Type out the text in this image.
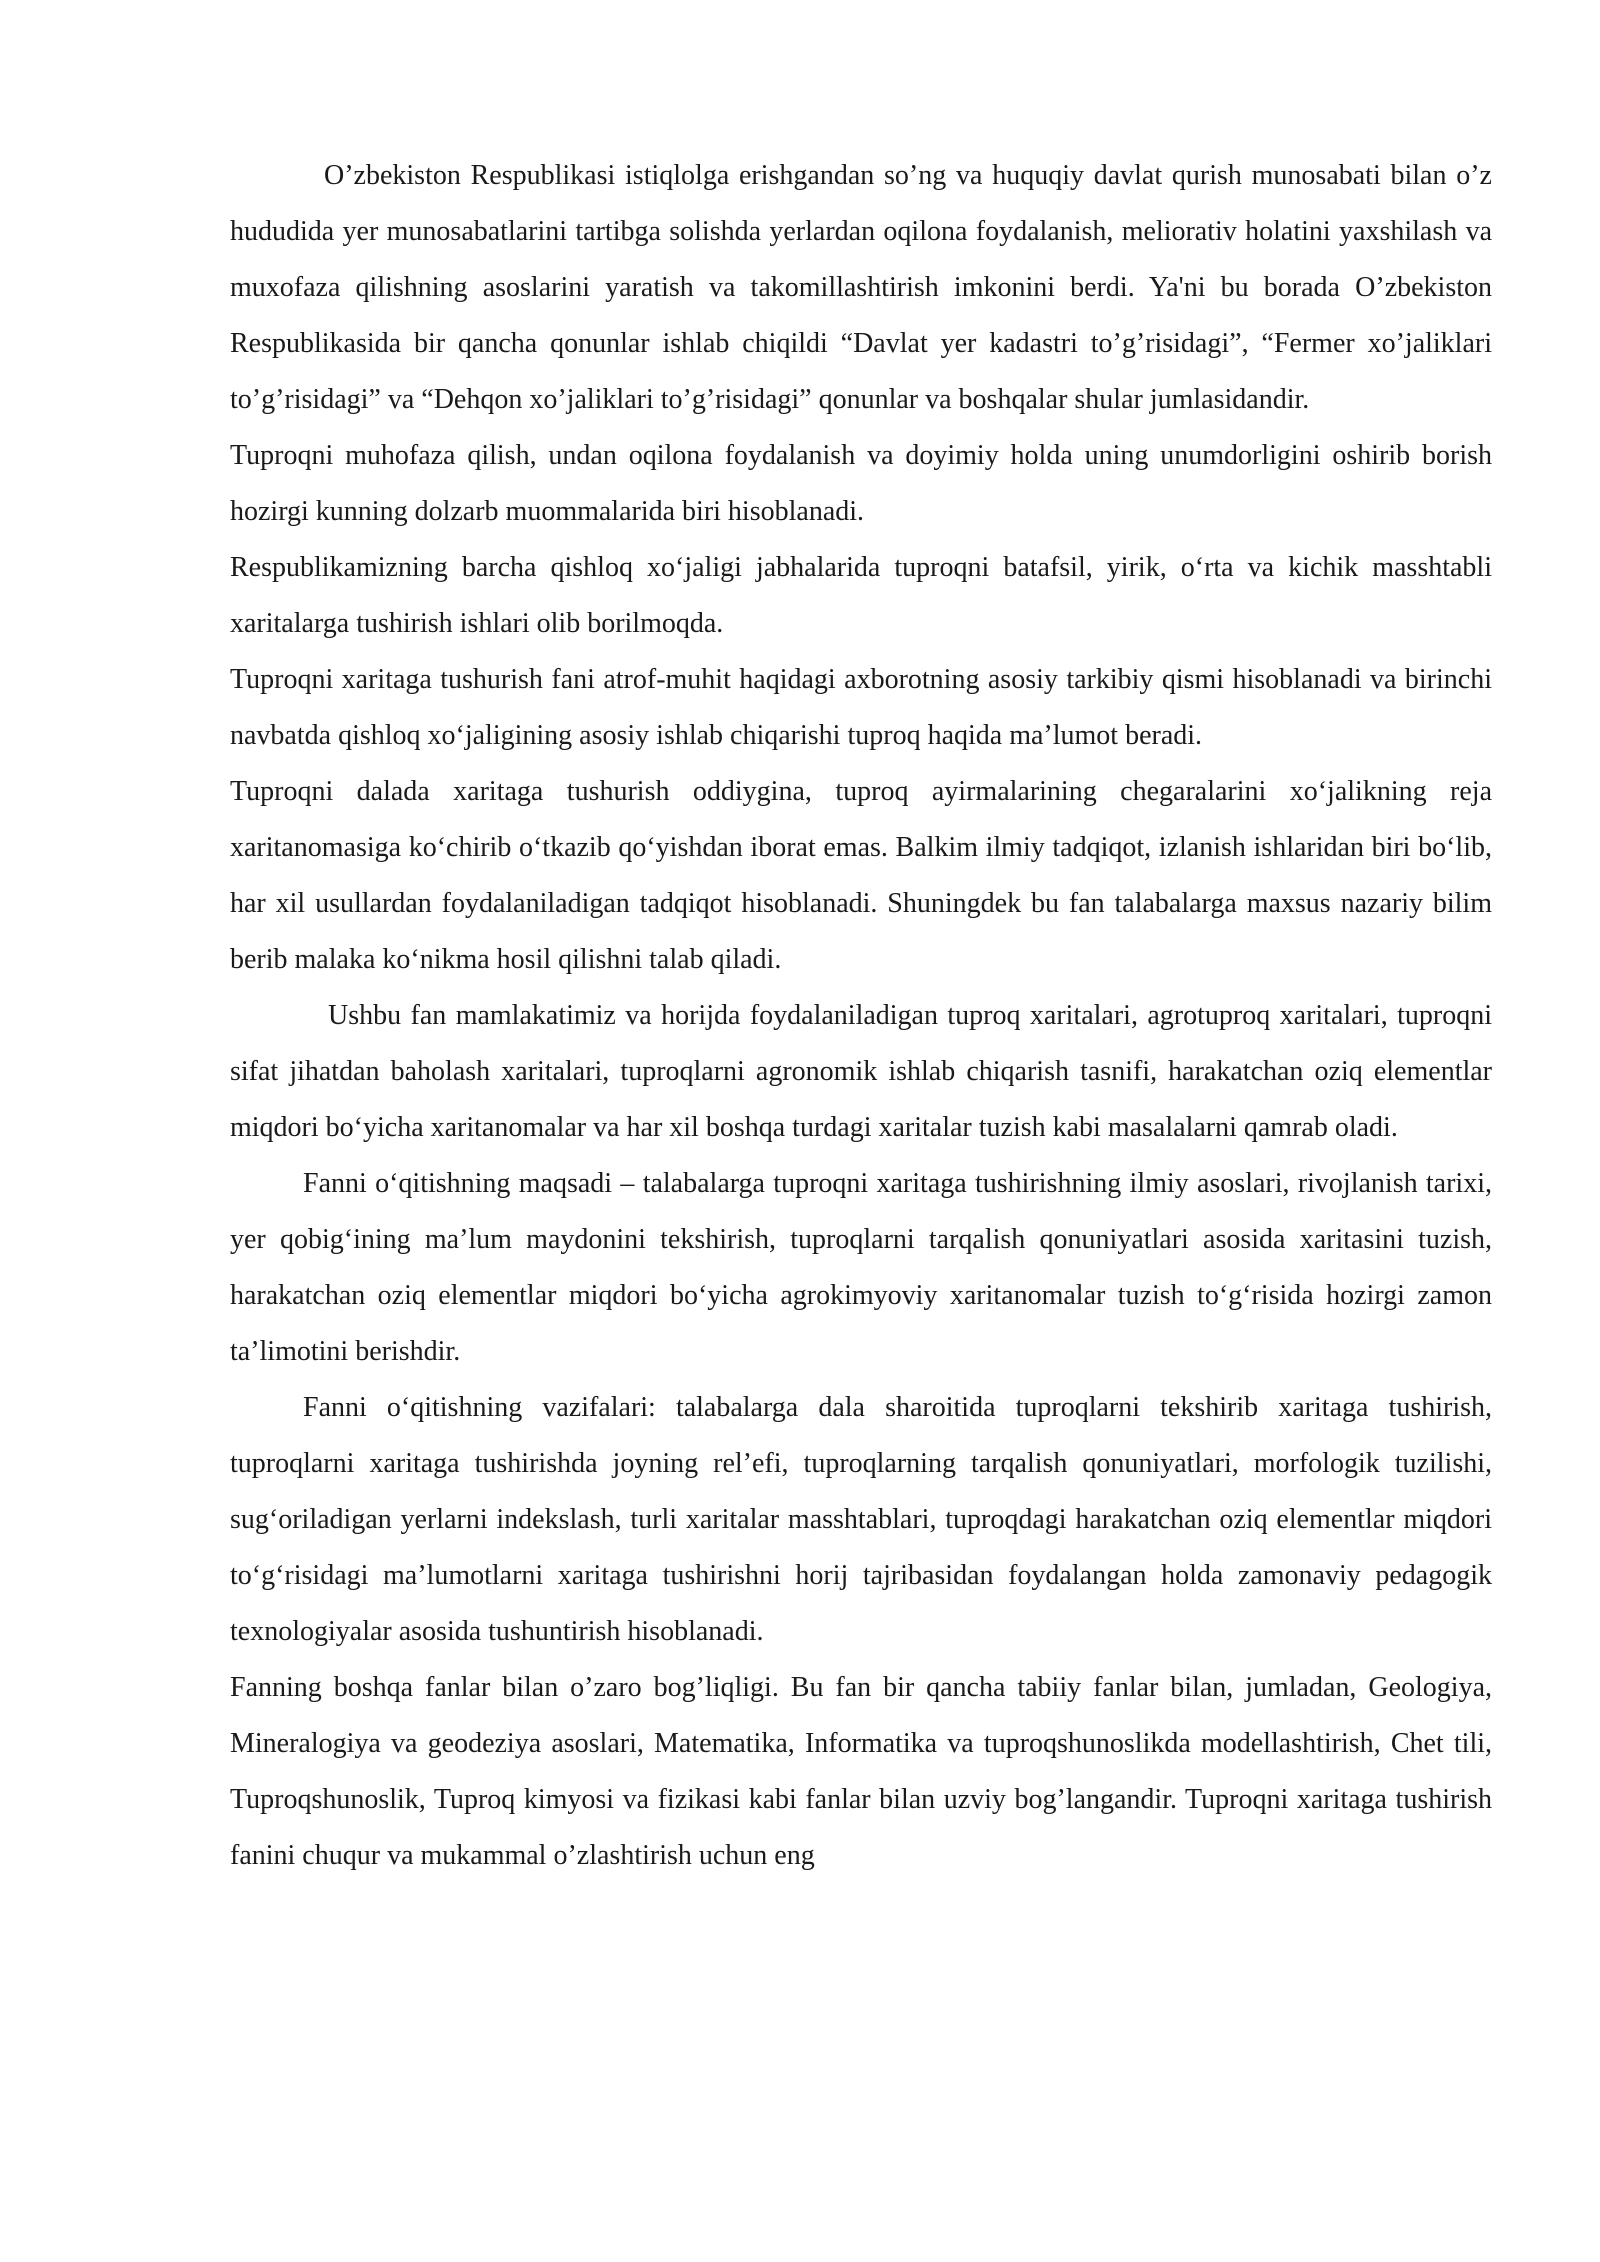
O’zbekiston Respublikasi istiqlolga erishgandan so’ng va huquqiy davlat qurish munosabati bilan o’z hududida yer munosabatlarini tartibga solishda yerlardan oqilona foydalanish, meliorativ holatini yaxshilash va muxofaza qilishning asoslarini yaratish va takomillashtirish imkonini berdi. Ya'ni bu borada O’zbekiston Respublikasida bir qancha qonunlar ishlab chiqildi “Davlat yer kadastri to’g’risidagi”, “Fermer xo’jaliklari to’g’risidagi” va “Dehqon xo’jaliklari to’g’risidagi” qonunlar va boshqalar shular jumlasidandir.

Tuproqni muhofaza qilish, undan oqilona foydalanish va doyimiy holda uning unumdorligini oshirib borish hozirgi kunning dolzarb muommalarida biri hisoblanadi.

Respublikamizning barcha qishloq xo‘jaligi jabhalarida tuproqni batafsil, yirik, o‘rta va kichik masshtabli xaritalarga tushirish ishlari olib borilmoqda.

Tuproqni xaritaga tushurish fani atrof-muhit haqidagi axborotning asosiy tarkibiy qismi hisoblanadi va birinchi navbatda qishloq xo‘jaligining asosiy ishlab chiqarishi tuproq haqida ma’lumot beradi.

Tuproqni dalada xaritaga tushurish oddiygina, tuproq ayirmalarining chegaralarini xo‘jalikning reja xaritanomasiga ko‘chirib o‘tkazib qo‘yishdan iborat emas. Balkim ilmiy tadqiqot, izlanish ishlaridan biri bo‘lib, har xil usullardan foydalaniladigan tadqiqot hisoblanadi. Shuningdek bu fan talabalarga maxsus nazariy bilim berib malaka ko‘nikma hosil qilishni talab qiladi.

Ushbu fan mamlakatimiz va horijda foydalaniladigan tuproq xaritalari, agrotuproq xaritalari, tuproqni sifat jihatdan baholash xaritalari, tuproqlarni agronomik ishlab chiqarish tasnifi, harakatchan oziq elementlar miqdori bo‘yicha xaritanomalar va har xil boshqa turdagi xaritalar tuzish kabi masalalarni qamrab oladi.

Fanni o‘qitishning maqsadi – talabalarga tuproqni xaritaga tushirishning ilmiy asoslari, rivojlanish tarixi, yer qobig‘ining ma’lum maydonini tekshirish, tuproqlarni tarqalish qonuniyatlari asosida xaritasini tuzish, harakatchan oziq elementlar miqdori bo‘yicha agrokimyoviy xaritanomalar tuzish to‘g‘risida hozirgi zamon ta’limotini berishdir.

Fanni o‘qitishning vazifalari: talabalarga dala sharoitida tuproqlarni tekshirib xaritaga tushirish, tuproqlarni xaritaga tushirishda joyning rel’efi, tuproqlarning tarqalish qonuniyatlari, morfologik tuzilishi, sug‘oriladigan yerlarni indekslash, turli xaritalar masshtablari, tuproqdagi harakatchan oziq elementlar miqdori to‘g‘risidagi ma’lumotlarni xaritaga tushirishni horij tajribasidan foydalangan holda zamonaviy pedagogik texnologiyalar asosida tushuntirish hisoblanadi.

Fanning boshqa fanlar bilan o’zaro bog’liqligi. Bu fan bir qancha tabiiy fanlar bilan, jumladan, Geologiya, Mineralogiya va geodeziya asoslari, Matematika, Informatika va tuproqshunoslikda modellashtirish, Chet tili, Tuproqshunoslik, Tuproq kimyosi va fizikasi kabi fanlar bilan uzviy bog’langandir. Tuproqni xaritaga tushirish fanini chuqur va mukammal o’zlashtirish uchun eng
